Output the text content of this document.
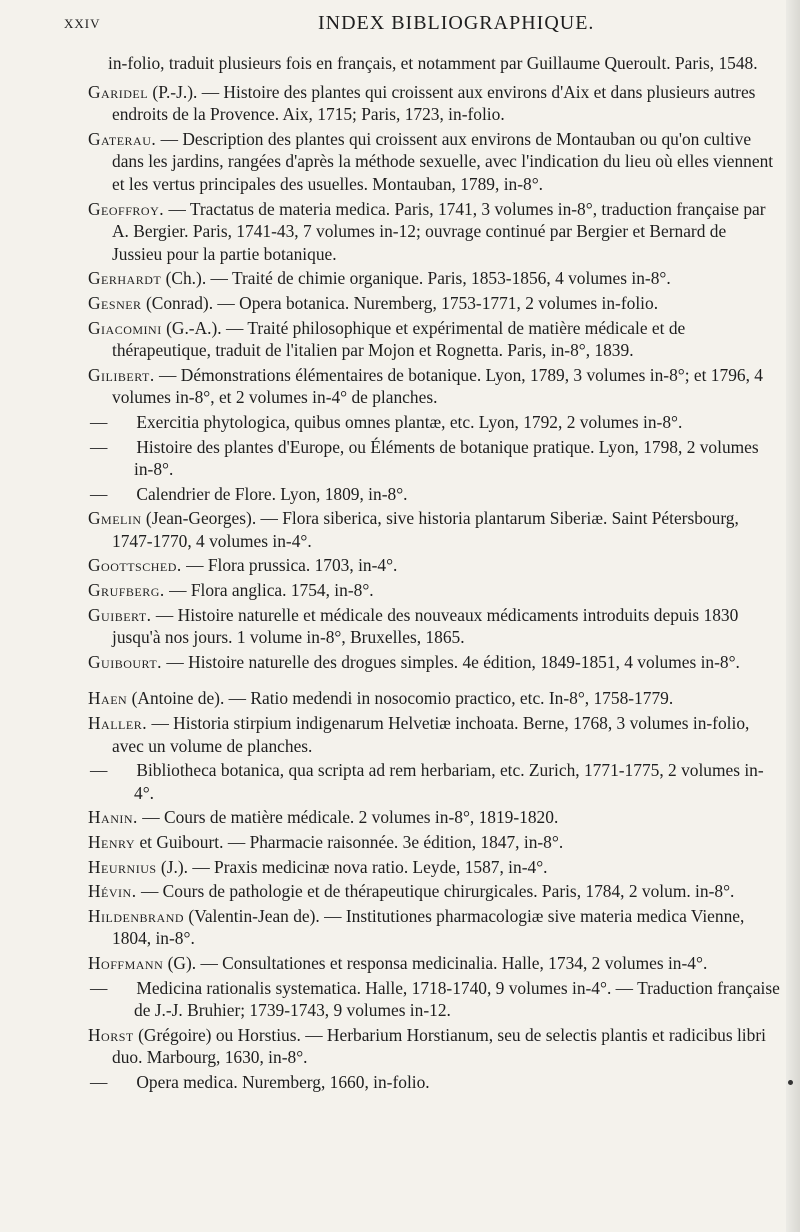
XXIV	INDEX BIBLIOGRAPHIQUE.
in-folio, traduit plusieurs fois en français, et notamment par Guillaume Queroult. Paris, 1548.
Garidel (P.-J.). — Histoire des plantes qui croissent aux environs d'Aix et dans plusieurs autres endroits de la Provence. Aix, 1715; Paris, 1723, in-folio.
Gaterau. — Description des plantes qui croissent aux environs de Montauban ou qu'on cultive dans les jardins, rangées d'après la méthode sexuelle, avec l'indication du lieu où elles viennent et les vertus principales des usuelles. Montauban, 1789, in-8°.
Geoffroy. — Tractatus de materia medica. Paris, 1741, 3 volumes in-8°, traduction française par A. Bergier. Paris, 1741-43, 7 volumes in-12; ouvrage continué par Bergier et Bernard de Jussieu pour la partie botanique.
Gerhardt (Ch.). — Traité de chimie organique. Paris, 1853-1856, 4 volumes in-8°.
Gesner (Conrad). — Opera botanica. Nuremberg, 1753-1771, 2 volumes in-folio.
Giacomini (G.-A.). — Traité philosophique et expérimental de matière médicale et de thérapeutique, traduit de l'italien par Mojon et Rognetta. Paris, in-8°, 1839.
Gilibert. — Démonstrations élémentaires de botanique. Lyon, 1789, 3 volumes in-8°; et 1796, 4 volumes in-8°, et 2 volumes in-4° de planches.
— Exercitia phytologica, quibus omnes plantæ, etc. Lyon, 1792, 2 volumes in-8°.
— Histoire des plantes d'Europe, ou Éléments de botanique pratique. Lyon, 1798, 2 volumes in-8°.
— Calendrier de Flore. Lyon, 1809, in-8°.
Gmelin (Jean-Georges). — Flora siberica, sive historia plantarum Siberiæ. Saint Pétersbourg, 1747-1770, 4 volumes in-4°.
Goottsched. — Flora prussica. 1703, in-4°.
Grufberg. — Flora anglica. 1754, in-8°.
Guibert. — Histoire naturelle et médicale des nouveaux médicaments introduits depuis 1830 jusqu'à nos jours. 1 volume in-8°, Bruxelles, 1865.
Guibourt. — Histoire naturelle des drogues simples. 4e édition, 1849-1851, 4 volumes in-8°.
Haen (Antoine de). — Ratio medendi in nosocomio practico, etc. In-8°, 1758-1779.
Haller. — Historia stirpium indigenarum Helvetiæ inchoata. Berne, 1768, 3 volumes in-folio, avec un volume de planches.
— Bibliotheca botanica, qua scripta ad rem herbariam, etc. Zurich, 1771-1775, 2 volumes in-4°.
Hanin. — Cours de matière médicale. 2 volumes in-8°, 1819-1820.
Henry et Guibourt. — Pharmacie raisonnée. 3e édition, 1847, in-8°.
Heurnius (J.). — Praxis medicinæ nova ratio. Leyde, 1587, in-4°.
Hévin. — Cours de pathologie et de thérapeutique chirurgicales. Paris, 1784, 2 volum. in-8°.
Hildenbrand (Valentin-Jean de). — Institutiones pharmacologiæ sive materia medica Vienne, 1804, in-8°.
Hoffmann (G). — Consultationes et responsa medicinalia. Halle, 1734, 2 volumes in-4°.
— Medicina rationalis systematica. Halle, 1718-1740, 9 volumes in-4°. — Traduction française de J.-J. Bruhier; 1739-1743, 9 volumes in-12.
Horst (Grégoire) ou Horstius. — Herbarium Horstianum, seu de selectis plantis et radicibus libri duo. Marbourg, 1630, in-8°.
— Opera medica. Nuremberg, 1660, in-folio.
